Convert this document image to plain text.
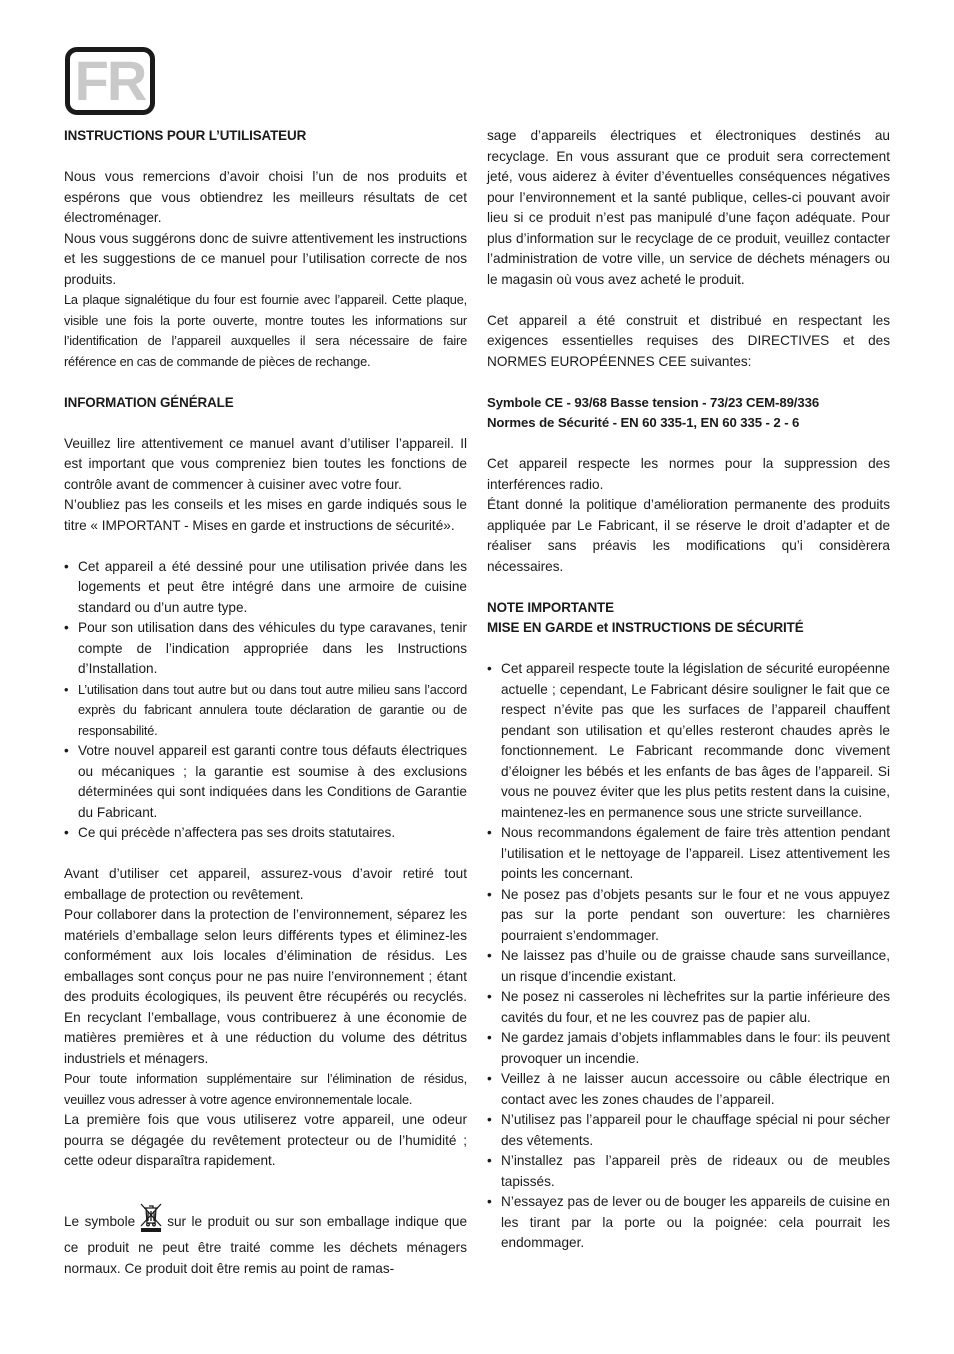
FR

INSTRUCTIONS POUR L’UTILISATEUR

Nous vous remercions d’avoir choisi l’un de nos produits et espérons que vous obtiendrez les meilleurs résultats de cet électroménager.

Nous vous suggérons donc de suivre attentivement les instructions et les suggestions de ce manuel pour l’utilisation correcte de nos produits.

La plaque signalétique du four est fournie avec l’appareil. Cette plaque, visible une fois la porte ouverte, montre toutes les informations sur l’identification de l’appareil auxquelles il sera nécessaire de faire référence en cas de commande de pièces de rechange.

INFORMATION GÉNÉRALE

Veuillez lire attentivement ce manuel avant d’utiliser l’appareil. Il est important que vous compreniez bien toutes les fonctions de contrôle avant de commencer à cuisiner avec votre four.

N’oubliez pas les conseils et les mises en garde indiqués sous le titre « IMPORTANT - Mises en garde et instructions de sécurité».

• Cet appareil a été dessiné pour une utilisation privée dans les logements et peut être intégré dans une armoire de cuisine standard ou d’un autre type.
• Pour son utilisation dans des véhicules du type caravanes, tenir compte de l’indication appropriée dans les Instructions d’Installation.
• L’utilisation dans tout autre but ou dans tout autre milieu sans l’accord exprès du fabricant annulera toute déclaration de garantie ou de responsabilité.
• Votre nouvel appareil est garanti contre tous défauts électriques ou mécaniques ; la garantie est soumise à des exclusions déterminées qui sont indiquées dans les Conditions de Garantie du Fabricant.
• Ce qui précède n’affectera pas ses droits statutaires.

Avant d’utiliser cet appareil, assurez-vous d’avoir retiré tout emballage de protection ou revêtement.

Pour collaborer dans la protection de l’environnement, séparez les matériels d’emballage selon leurs différents types et éliminez-les conformément aux lois locales d’élimination de résidus. Les emballages sont conçus pour ne pas nuire l’environnement ; étant des produits écologiques, ils peuvent être récupérés ou recyclés. En recyclant l’emballage, vous contribuerez à une économie de matières premières et à une réduction du volume des détritus industriels et ménagers.

Pour toute information supplémentaire sur l’élimination de résidus, veuillez vous adresser à votre agence environnementale locale.

La première fois que vous utiliserez votre appareil, une odeur pourra se dégagée du revêtement protecteur ou de l’humidité ; cette odeur disparaîtra rapidement.

Le symbole sur le produit ou sur son emballage indique que ce produit ne peut être traité comme les déchets ménagers normaux. Ce produit doit être remis au point de ramas-

sage d’appareils électriques et électroniques destinés au recyclage. En vous assurant que ce produit sera correctement jeté, vous aiderez à éviter d’éventuelles conséquences négatives pour l’environnement et la santé publique, celles-ci pouvant avoir lieu si ce produit n’est pas manipulé d’une façon adéquate. Pour plus d’information sur le recyclage de ce produit, veuillez contacter l’administration de votre ville, un service de déchets ménagers ou le magasin où vous avez acheté le produit.

Cet appareil a été construit et distribué en respectant les exigences essentielles requises des DIRECTIVES et des NORMES EUROPÉENNES CEE suivantes:

Symbole CE - 93/68 Basse tension - 73/23 CEM-89/336

Normes de Sécurité - EN 60 335-1, EN 60 335 - 2 - 6

Cet appareil respecte les normes pour la suppression des interférences radio.

Étant donné la politique d’amélioration permanente des produits appliquée par Le Fabricant, il se réserve le droit d’adapter et de réaliser sans préavis les modifications qu’i considèrera nécessaires.

NOTE IMPORTANTE

MISE EN GARDE et INSTRUCTIONS DE SÉCURITÉ

• Cet appareil respecte toute la législation de sécurité européenne actuelle ; cependant, Le Fabricant désire souligner le fait que ce respect n’évite pas que les surfaces de l’appareil chauffent pendant son utilisation et qu’elles resteront chaudes après le fonctionnement. Le Fabricant recommande donc vivement d’éloigner les bébés et les enfants de bas âges de l’appareil. Si vous ne pouvez éviter que les plus petits restent dans la cuisine, maintenez-les en permanence sous une stricte surveillance.
• Nous recommandons également de faire très attention pendant l’utilisation et le nettoyage de l’appareil. Lisez attentivement les points les concernant.
• Ne posez pas d’objets pesants sur le four et ne vous appuyez pas sur la porte pendant son ouverture: les charnières pourraient s’endommager.
• Ne laissez pas d’huile ou de graisse chaude sans surveillance, un risque d’incendie existant.
• Ne posez ni casseroles ni lèchefrites sur la partie inférieure des cavités du four, et ne les couvrez pas de papier alu.
• Ne gardez jamais d’objets inflammables dans le four: ils peuvent provoquer un incendie.
• Veillez à ne laisser aucun accessoire ou câble électrique en contact avec les zones chaudes de l’appareil.
• N’utilisez pas l’appareil pour le chauffage spécial ni pour sécher des vêtements.
• N’installez pas l’appareil près de rideaux ou de meubles tapissés.
• N’essayez pas de lever ou de bouger les appareils de cuisine en les tirant par la porte ou la poignée: cela pourrait les endommager.
